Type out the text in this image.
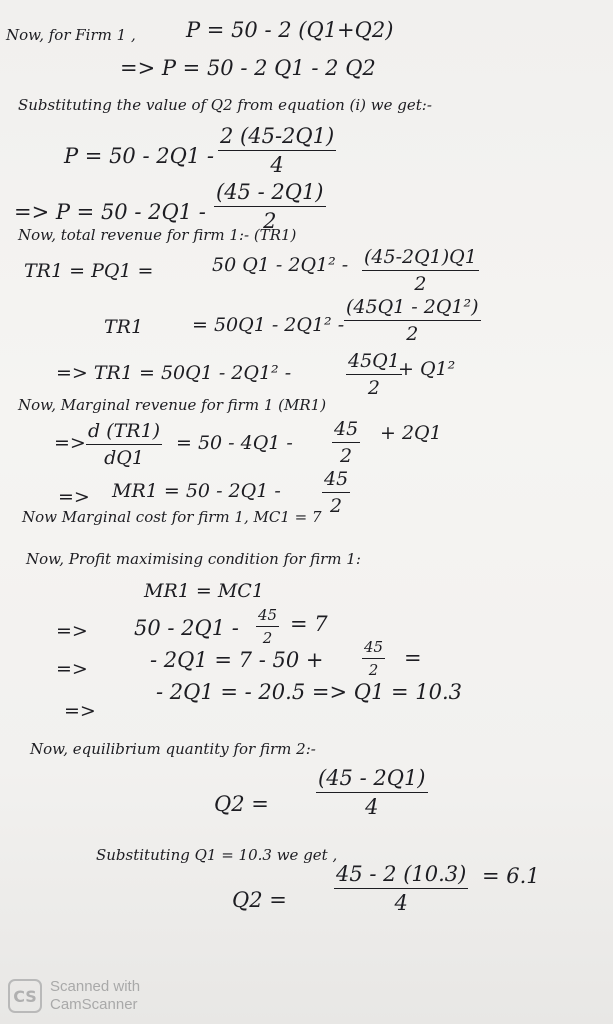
Now, for Firm 1 , P = 50 - 2 (Q1+Q2)
=> P = 50 - 2 Q1 - 2 Q2
Substituting the value of Q2 from equation (i) we get:-
$P = 50 - 2Q1 - \frac{2 (45-2Q1)}{4}$
=> $P = 50 - 2Q1 - \frac{(45 - 2Q1)}{2}$
Now, total revenue for firm 1:- (TR1)
TR1 = PQ1 =	50 $Q1 - 2Q1^2 - \frac{(45-2Q1)Q1}{2}$
TR1	= $50Q1 - 2Q1^2 - \frac{\text{(45Q1 - 2Q1²)}}{2}$
=> TR1 = 50Q1 - 2Q1² -	$\frac{45Q1}{2}$
+ Q1²
Now, Marginal revenue for firm 1 (MR1)
=> $\frac{d (TR1)}{dQ1} = 50 - 4Q1 - \frac{45}{2} + 2Q1$
=> $MR1 = 50 - 2Q1 - \frac{45}{2}$
Now Marginal cost for firm 1, MC1 = 7
Now, Profit maximising condition for firm 1:
MR1 = MC1
=> $50 - 2Q1 - \frac{45}{2} = 7$
=>	- 2Q1 = 7 - 50 +	$\frac{45}{2}$ =
=>
- 2Q1 = - 20.5 => Q1 = 10.3
Now, equilibrium quantity for firm 2:-
$Q2 = \frac{(45 - 2Q1)}{4}$
Substituting Q1 = 10.3 we get ,
$Q2 = \frac{45 - 2 (10.3)}{4} = 6.1$
CS Scanned with
CamScanner
